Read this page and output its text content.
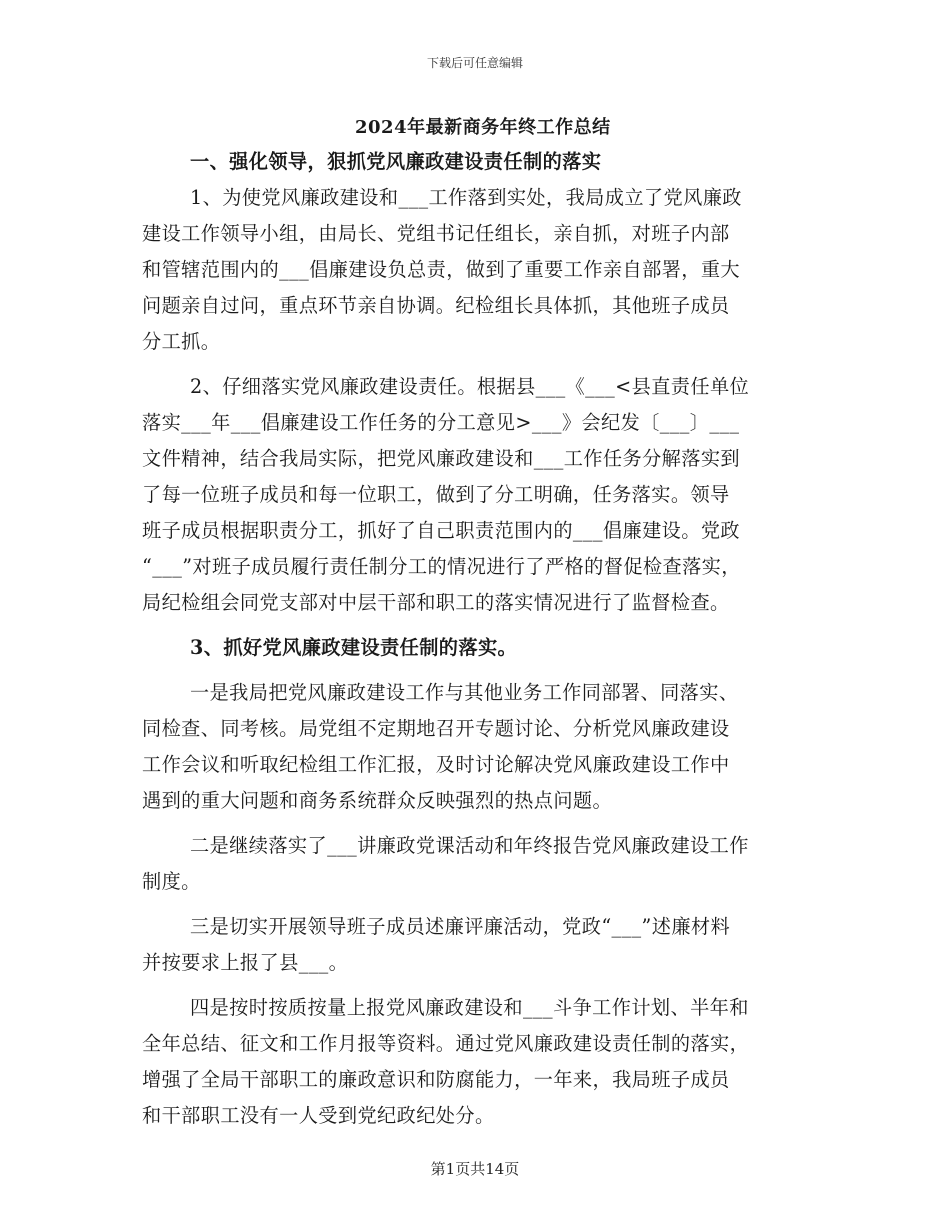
下载后可任意编辑
2024年最新商务年终工作总结
一、强化领导，狠抓党风廉政建设责任制的落实
1、为使党风廉政建设和___工作落到实处，我局成立了党风廉政
建设工作领导小组，由局长、党组书记任组长，亲自抓，对班子内部
和管辖范围内的___倡廉建设负总责，做到了重要工作亲自部署，重大
问题亲自过问，重点环节亲自协调。纪检组长具体抓，其他班子成员
分工抓。
2、仔细落实党风廉政建设责任。根据县___《___<县直责任单位
落实___年___倡廉建设工作任务的分工意见>___》会纪发〔___〕___
文件精神，结合我局实际，把党风廉政建设和___工作任务分解落实到
了每一位班子成员和每一位职工，做到了分工明确，任务落实。领导
班子成员根据职责分工，抓好了自己职责范围内的___倡廉建设。党政
“___”对班子成员履行责任制分工的情况进行了严格的督促检查落实，
局纪检组会同党支部对中层干部和职工的落实情况进行了监督检查。
3、抓好党风廉政建设责任制的落实。
一是我局把党风廉政建设工作与其他业务工作同部署、同落实、
同检查、同考核。局党组不定期地召开专题讨论、分析党风廉政建设
工作会议和听取纪检组工作汇报，及时讨论解决党风廉政建设工作中
遇到的重大问题和商务系统群众反映强烈的热点问题。
二是继续落实了___讲廉政党课活动和年终报告党风廉政建设工作
制度。
三是切实开展领导班子成员述廉评廉活动，党政“___”述廉材料
并按要求上报了县___。
四是按时按质按量上报党风廉政建设和___斗争工作计划、半年和
全年总结、征文和工作月报等资料。通过党风廉政建设责任制的落实，
增强了全局干部职工的廉政意识和防腐能力，一年来，我局班子成员
和干部职工没有一人受到党纪政纪处分。
第1页共14页
